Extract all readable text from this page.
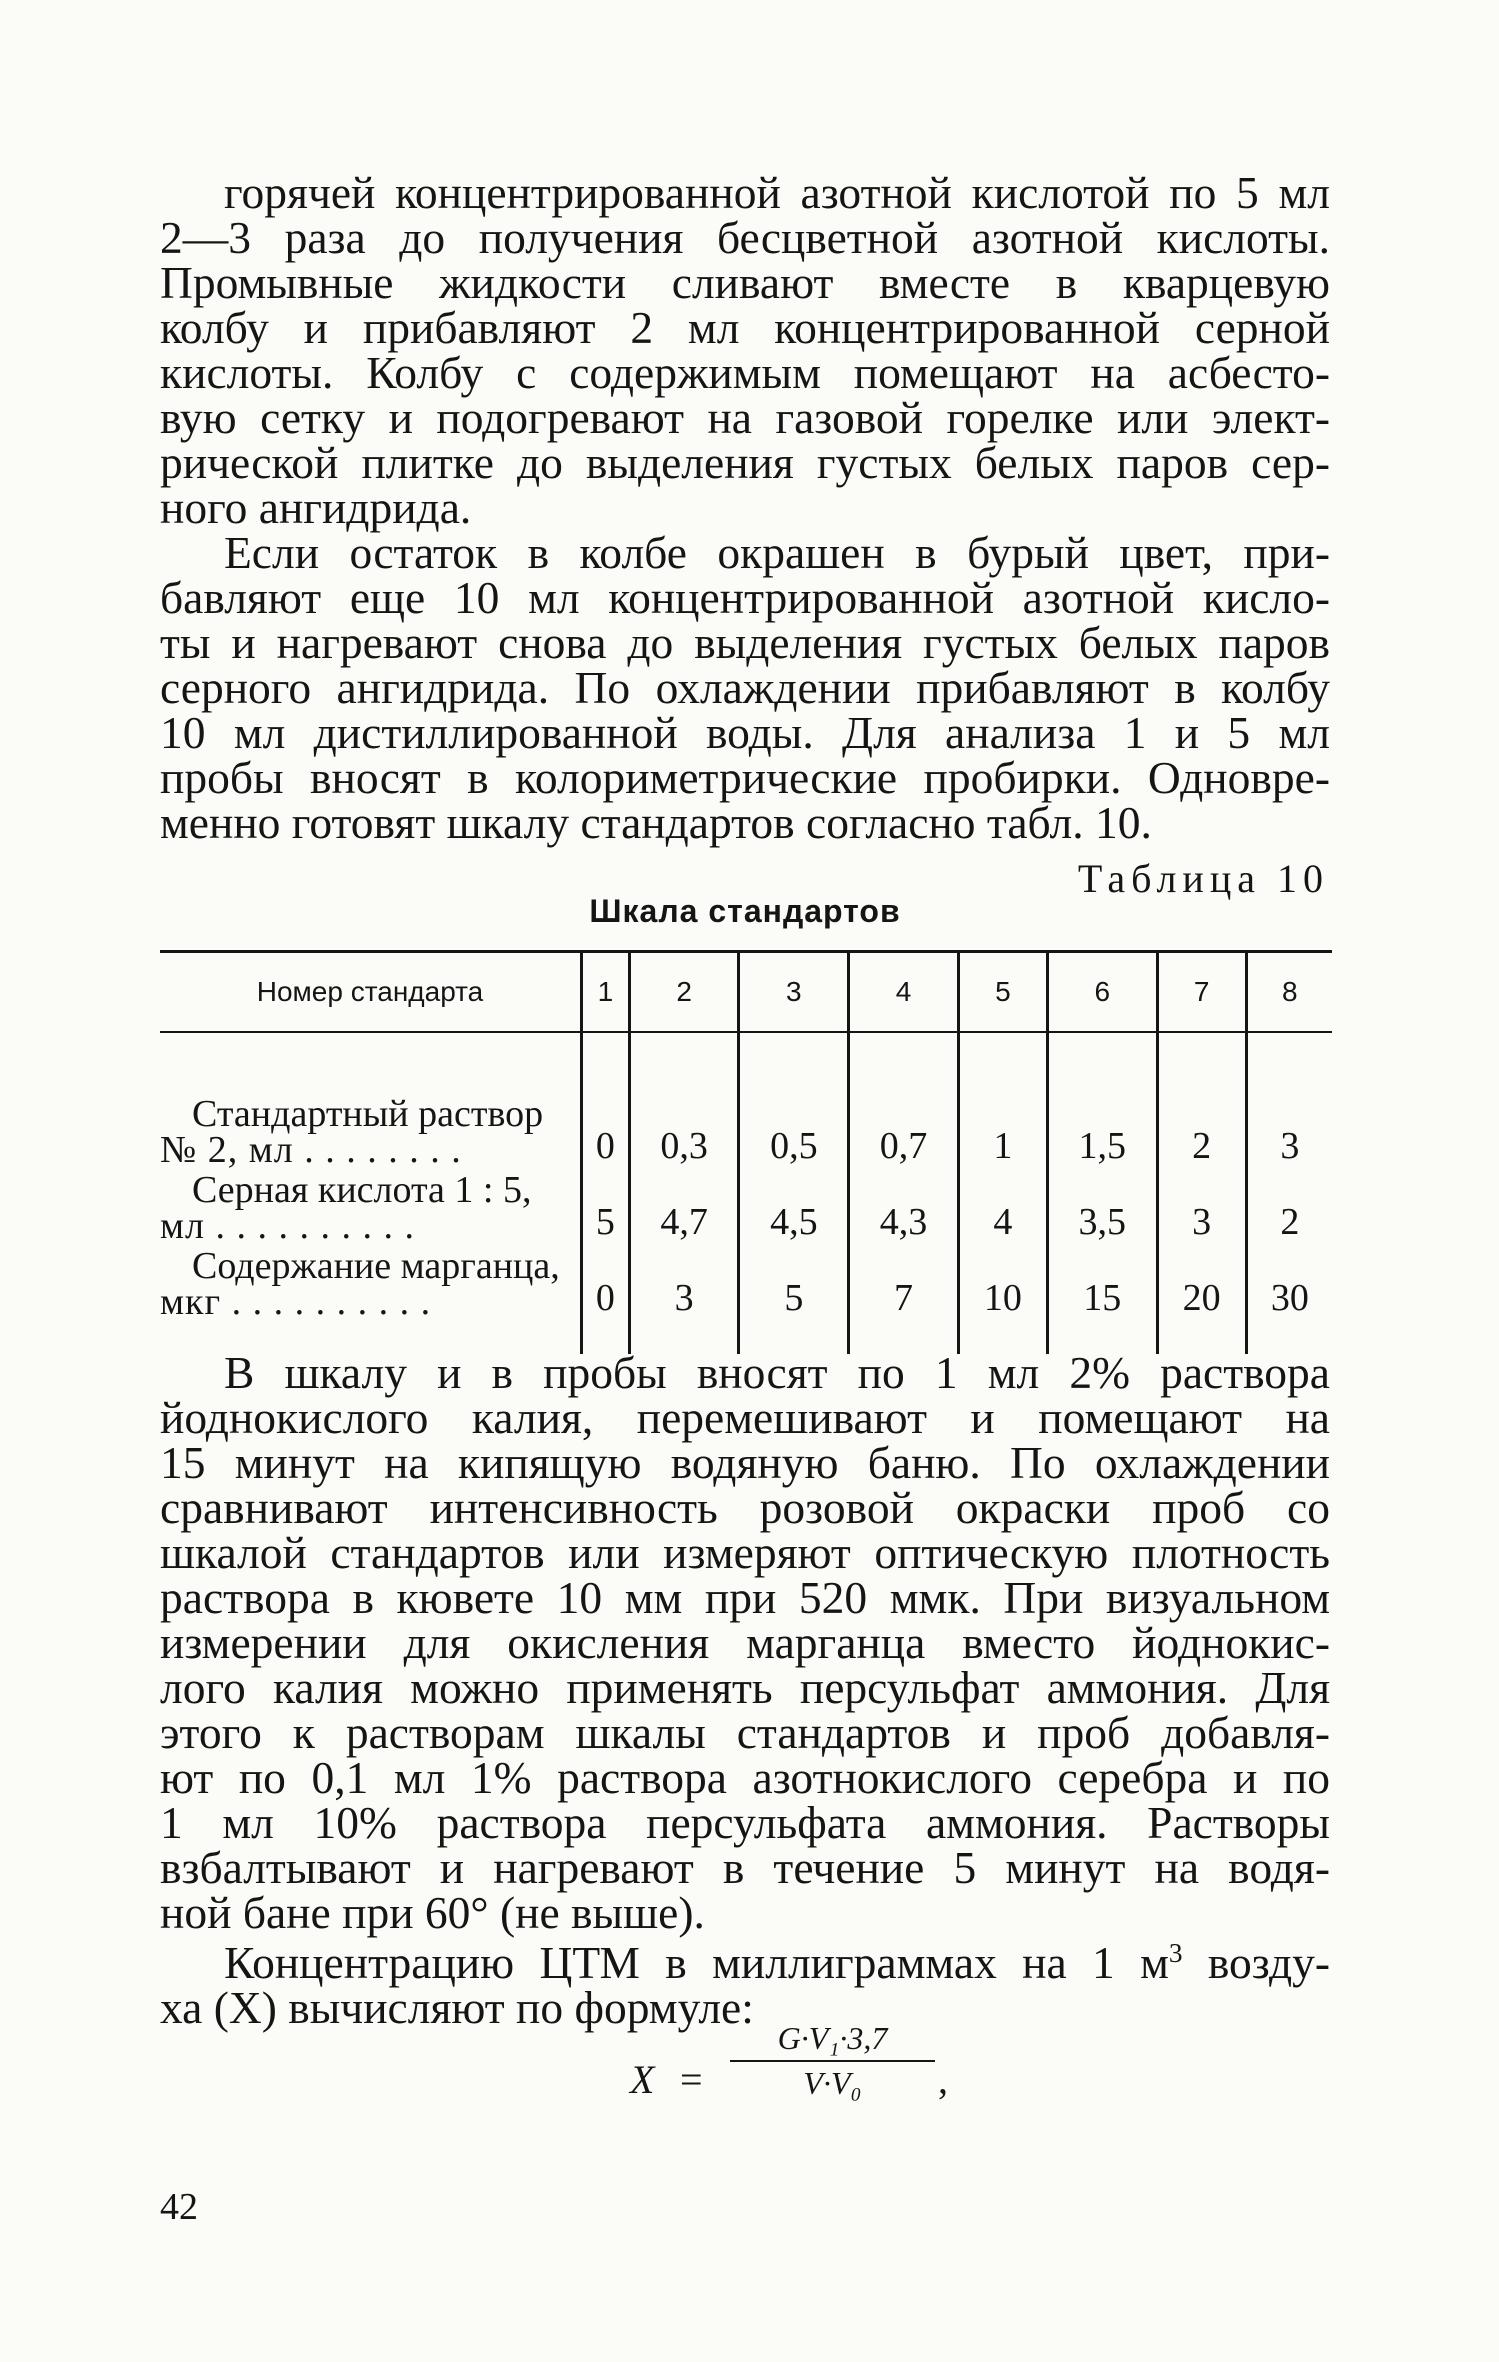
горячей концентрированной азотной кислотой по 5 мл
2—3 раза до получения бесцветной азотной кислоты.
Промывные жидкости сливают вместе в кварцевую
колбу и прибавляют 2 мл концентрированной серной
кислоты. Колбу с содержимым помещают на асбесто-
вую сетку и подогревают на газовой горелке или элект-
рической плитке до выделения густых белых паров сер-
ного ангидрида.

Если остаток в колбе окрашен в бурый цвет, при-
бавляют еще 10 мл концентрированной азотной кисло-
ты и нагревают снова до выделения густых белых паров
серного ангидрида. По охлаждении прибавляют в колбу
10 мл дистиллированной воды. Для анализа 1 и 5 мл
пробы вносят в колориметрические пробирки. Одновре-
менно готовят шкалу стандартов согласно табл. 10.

Таблица 10
Шкала стандартов
Номер стандарта	1	2	3	4	5	6	7	8

Стандартный раствор
№ 2, мл . . . . . . . .	0	0,3	0,5	0,7	1	1,5	2	3

Серная кислота 1 : 5,
мл . . . . . . . . . .	5	4,7	4,5	4,3	4	3,5	3	2

Содержание марганца,
мкг . . . . . . . . . .	0	3	5	7	10	15	20	30

В шкалу и в пробы вносят по 1 мл 2% раствора
йоднокислого калия, перемешивают и помещают на
15 минут на кипящую водяную баню. По охлаждении
сравнивают интенсивность розовой окраски проб со
шкалой стандартов или измеряют оптическую плотность
раствора в кювете 10 мм при 520 ммк. При визуальном
измерении для окисления марганца вместо йоднокис-
лого калия можно применять персульфат аммония. Для
этого к растворам шкалы стандартов и проб добавля-
ют по 0,1 мл 1% раствора азотнокислого серебра и по
1 мл 10% раствора персульфата аммония. Растворы
взбалтывают и нагревают в течение 5 минут на водя-
ной бане при 60° (не выше).

Концентрацию ЦТМ в миллиграммах на 1 $м^3$ возду-
ха (X) вычисляют по формуле:

X =
G·V₁·3,7
V·V₀	,
42
